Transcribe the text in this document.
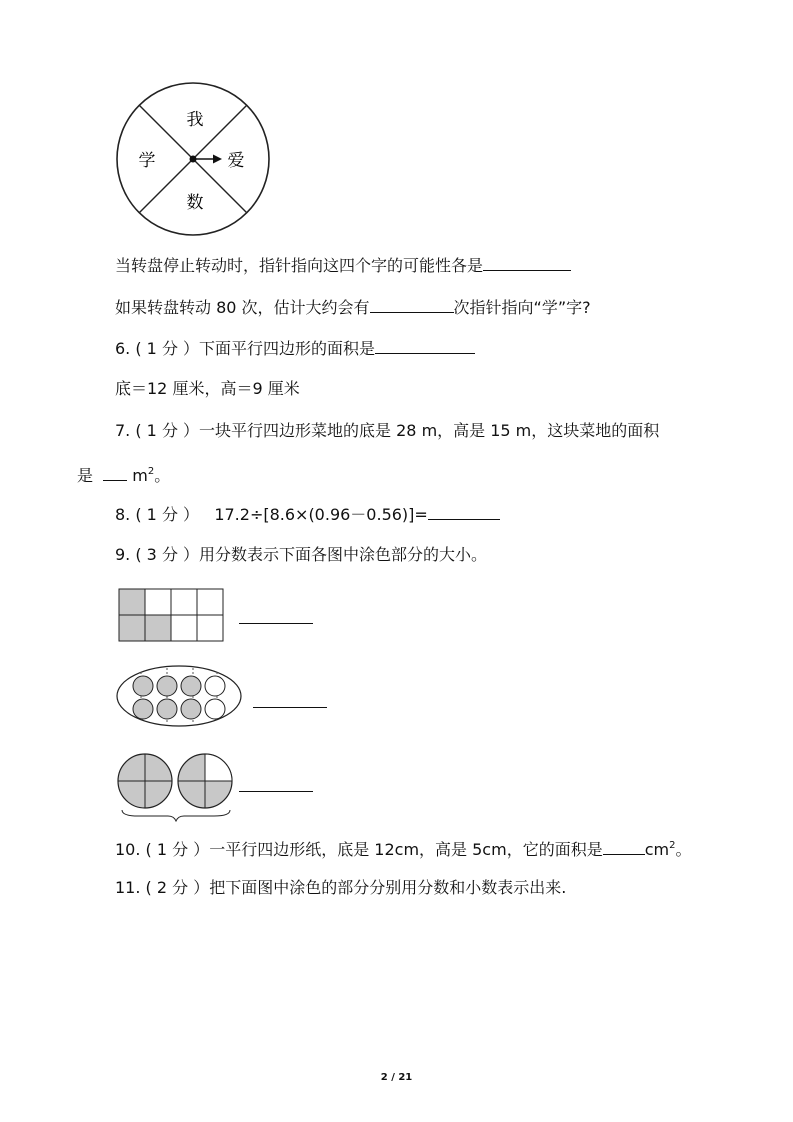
我
爱
数
学
当转盘停止转动时，指针指向这四个字的可能性各是
如果转盘转动 80 次，估计大约会有	次指针指向“学”字?
6. ( 1 分 ）下面平行四边形的面积是
底＝12 厘米，高＝9 厘米
7. ( 1 分 ）一块平行四边形菜地的底是 28 m，高是 15 m，这块菜地的面积
是 $m^2$。
8. ( 1 分 ） 17.2÷[8.6×(0.96－0.56)]=
9. ( 3 分 ）用分数表示下面各图中涂色部分的大小。
10. ( 1 分 ）一平行四边形纸，底是 12cm，高是 5cm，它的面积是	$cm^2$。
11. ( 2 分 ）把下面图中涂色的部分分别用分数和小数表示出来.
2 / 21
